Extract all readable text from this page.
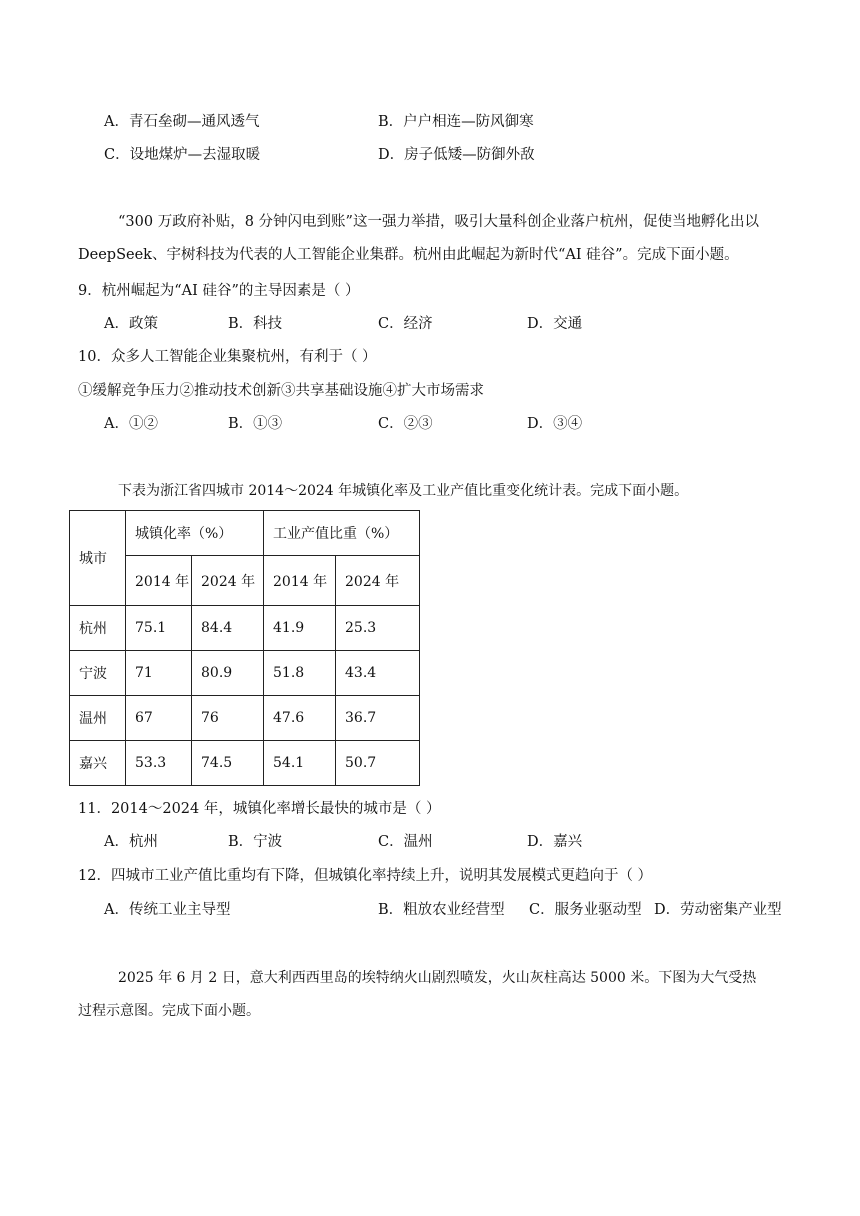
A．青石垒砌—通风透气	B．户户相连—防风御寒
C．设地煤炉—去湿取暖	D．房子低矮—防御外敌
“300 万政府补贴，8 分钟闪电到账”这一强力举措，吸引大量科创企业落户杭州，促使当地孵化出以
DeepSeek、宇树科技为代表的人工智能企业集群。杭州由此崛起为新时代“AI 硅谷”。完成下面小题。
9．杭州崛起为“AI 硅谷”的主导因素是（ ）
A．政策	B．科技	C．经济	D．交通
10．众多人工智能企业集聚杭州，有利于（ ）
①缓解竞争压力②推动技术创新③共享基础设施④扩大市场需求
A．①②	B．①③	C．②③	D．③④
下表为浙江省四城市 2014～2024 年城镇化率及工业产值比重变化统计表。完成下面小题。
城市	城镇化率（%）		工业产值比重（%）	
	2014 年	2024 年	2014 年	2024 年
杭州	75.1	84.4	41.9	25.3
宁波	71	80.9	51.8	43.4
温州	67	76	47.6	36.7
嘉兴	53.3	74.5	54.1	50.7
11．2014～2024 年，城镇化率增长最快的城市是（ ）
A．杭州	B．宁波	C．温州	D．嘉兴
12．四城市工业产值比重均有下降，但城镇化率持续上升，说明其发展模式更趋向于（ ）
A．传统工业主导型	B．粗放农业经营型 C．服务业驱动型 D．劳动密集产业型
2025 年 6 月 2 日，意大利西西里岛的埃特纳火山剧烈喷发，火山灰柱高达 5000 米。下图为大气受热
过程示意图。完成下面小题。
